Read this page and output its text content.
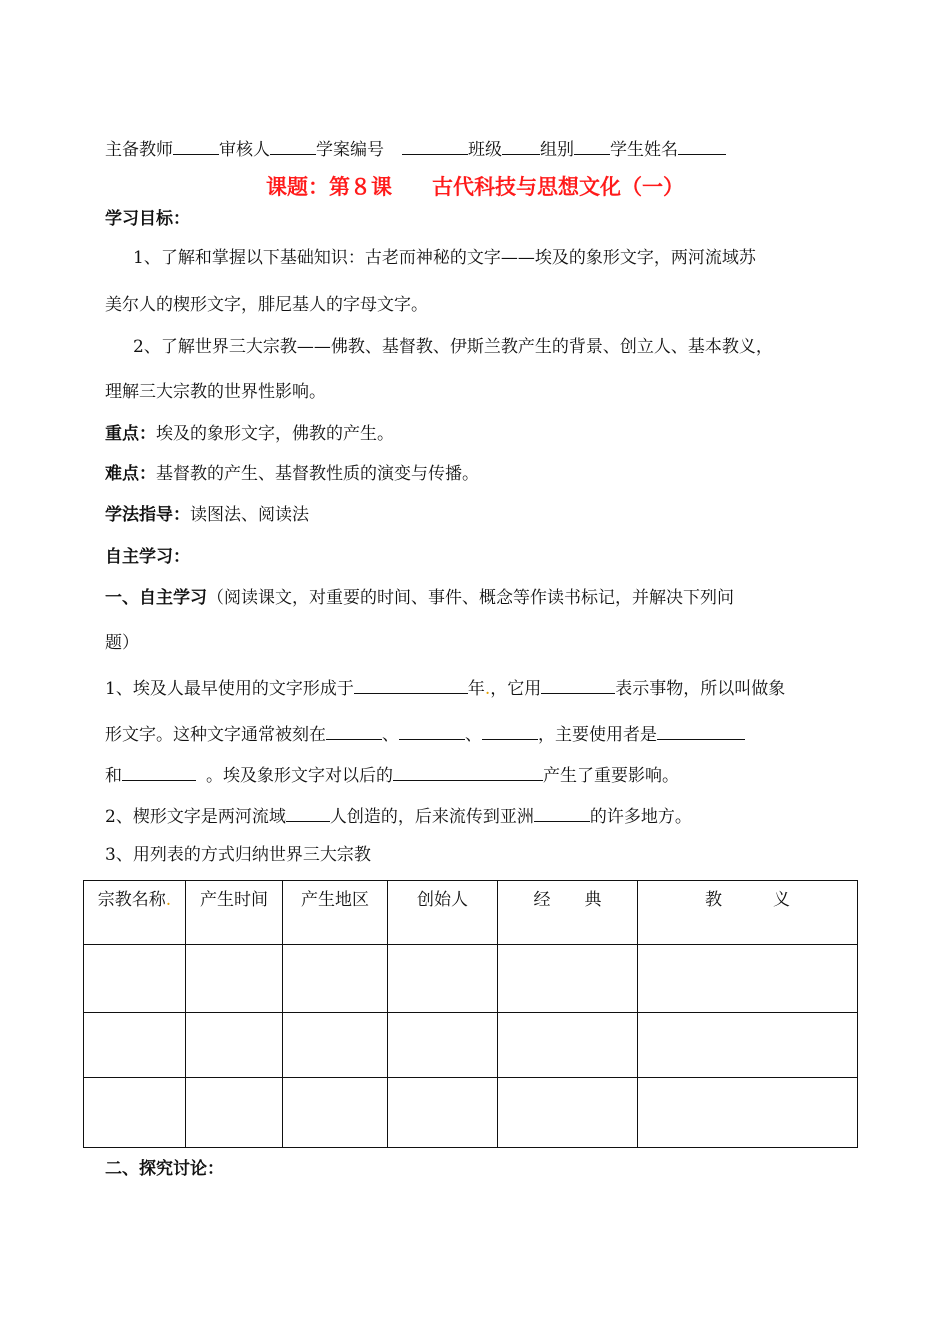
主备教师	审核人	学案编号	班级 组别 学生姓名
课题：第８课 古代科技与思想文化（一）
学习目标：
1、了解和掌握以下基础知识：古老而神秘的文字——埃及的象形文字，两河流域苏
美尔人的楔形文字，腓尼基人的字母文字。
2、了解世界三大宗教——佛教、基督教、伊斯兰教产生的背景、创立人、基本教义，
理解三大宗教的世界性影响。
重点：埃及的象形文字，佛教的产生。
难点：基督教的产生、基督教性质的演变与传播。
学法指导：读图法、阅读法
自主学习：
一、自主学习（阅读课文，对重要的时间、事件、概念等作读书标记，并解决下列问
题）
1、埃及人最早使用的文字形成于	年.，它用	表示事物，所以叫做象
形文字。这种文字通常被刻在	、	、	，主要使用者是
和	。埃及象形文字对以后的	产生了重要影响。
2、楔形文字是两河流域	人创造的，后来流传到亚洲	的许多地方。
3、用列表的方式归纳世界三大宗教
宗教名称.	产生时间	产生地区	创始人	经　　典	教　　　义

二、探究讨论：
